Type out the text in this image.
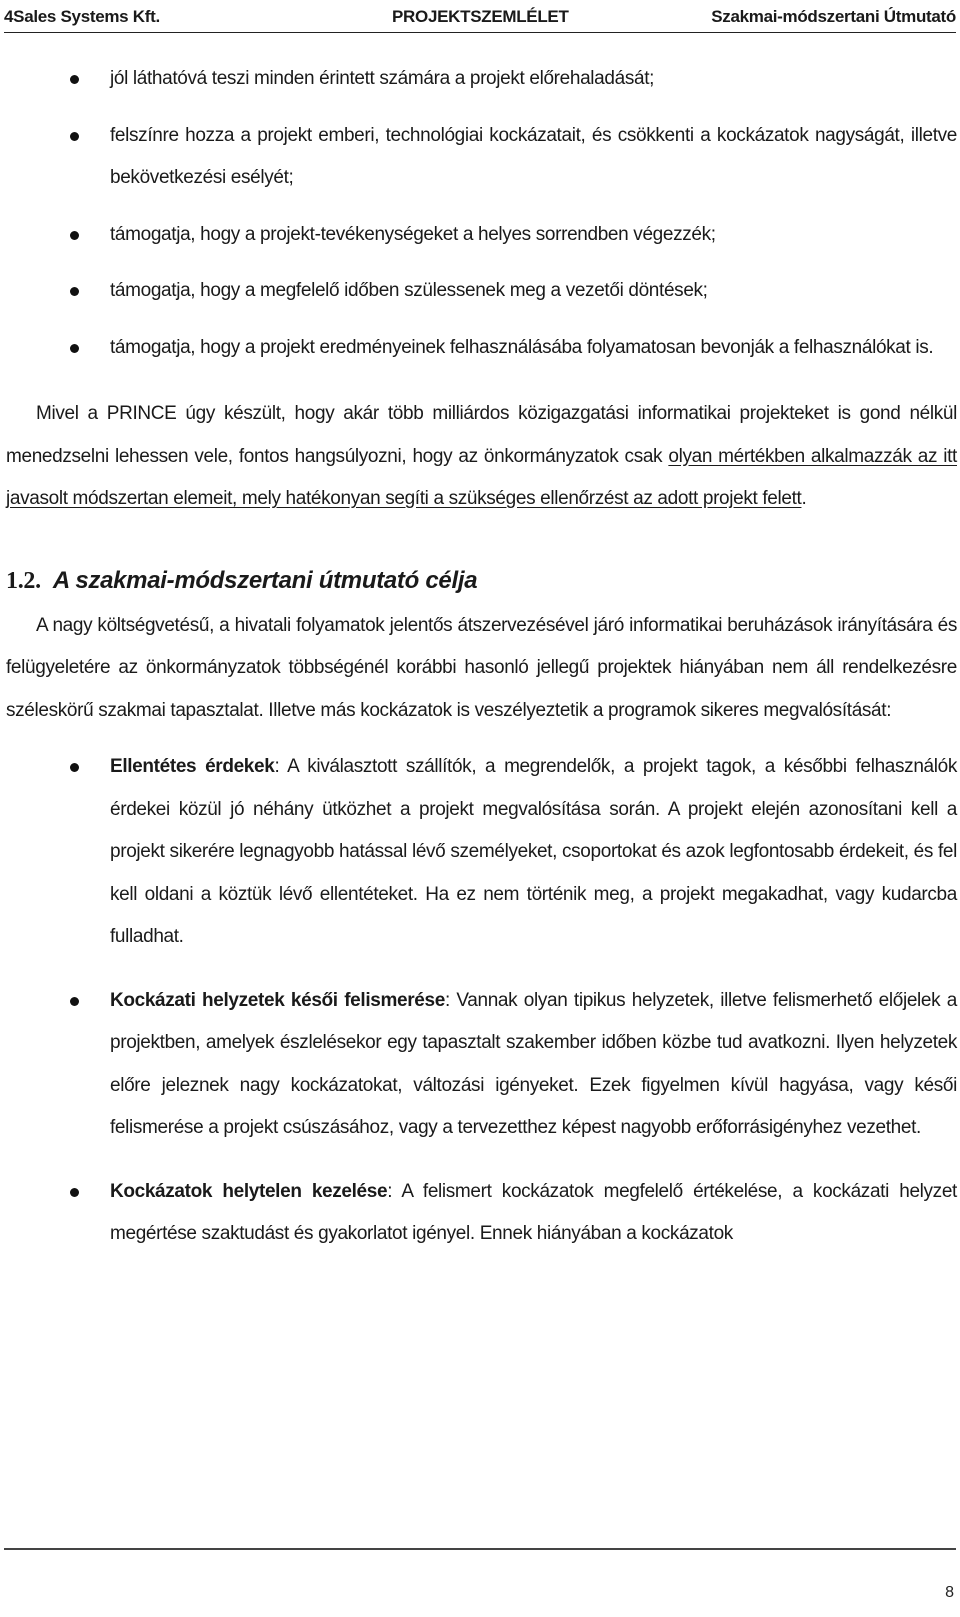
4Sales Systems Kft.	PROJEKTSZEMLÉLET	Szakmai-módszertani Útmutató
jól láthatóvá teszi minden érintett számára a projekt előrehaladását;
felszínre hozza a projekt emberi, technológiai kockázatait, és csökkenti a kockázatok nagyságát, illetve bekövetkezési esélyét;
támogatja, hogy a projekt-tevékenységeket a helyes sorrendben végezzék;
támogatja, hogy a megfelelő időben szülessenek meg a vezetői döntések;
támogatja, hogy a projekt eredményeinek felhasználásába folyamatosan bevonják a felhasználókat is.

Mivel a PRINCE úgy készült, hogy akár több milliárdos közigazgatási informatikai projekteket is gond nélkül menedzselni lehessen vele, fontos hangsúlyozni, hogy az önkormányzatok csak olyan mértékben alkalmazzák az itt javasolt módszertan elemeit, mely hatékonyan segíti a szükséges ellenőrzést az adott projekt felett.

1.2. A szakmai-módszertani útmutató célja

A nagy költségvetésű, a hivatali folyamatok jelentős átszervezésével járó informatikai beruházások irányítására és felügyeletére az önkormányzatok többségénél korábbi hasonló jellegű projektek hiányában nem áll rendelkezésre széleskörű szakmai tapasztalat. Illetve más kockázatok is veszélyeztetik a programok sikeres megvalósítását:

Ellentétes érdekek: A kiválasztott szállítók, a megrendelők, a projekt tagok, a későbbi felhasználók érdekei közül jó néhány ütközhet a projekt megvalósítása során. A projekt elején azonosítani kell a projekt sikerére legnagyobb hatással lévő személyeket, csoportokat és azok legfontosabb érdekeit, és fel kell oldani a köztük lévő ellentéteket. Ha ez nem történik meg, a projekt megakadhat, vagy kudarcba fulladhat.
Kockázati helyzetek késői felismerése: Vannak olyan tipikus helyzetek, illetve felismerhető előjelek a projektben, amelyek észlelésekor egy tapasztalt szakember időben közbe tud avatkozni. Ilyen helyzetek előre jeleznek nagy kockázatokat, változási igényeket. Ezek figyelmen kívül hagyása, vagy késői felismerése a projekt csúszásához, vagy a tervezetthez képest nagyobb erőforrásigényhez vezethet.
Kockázatok helytelen kezelése: A felismert kockázatok megfelelő értékelése, a kockázati helyzet megértése szaktudást és gyakorlatot igényel. Ennek hiányában a kockázatok
8
